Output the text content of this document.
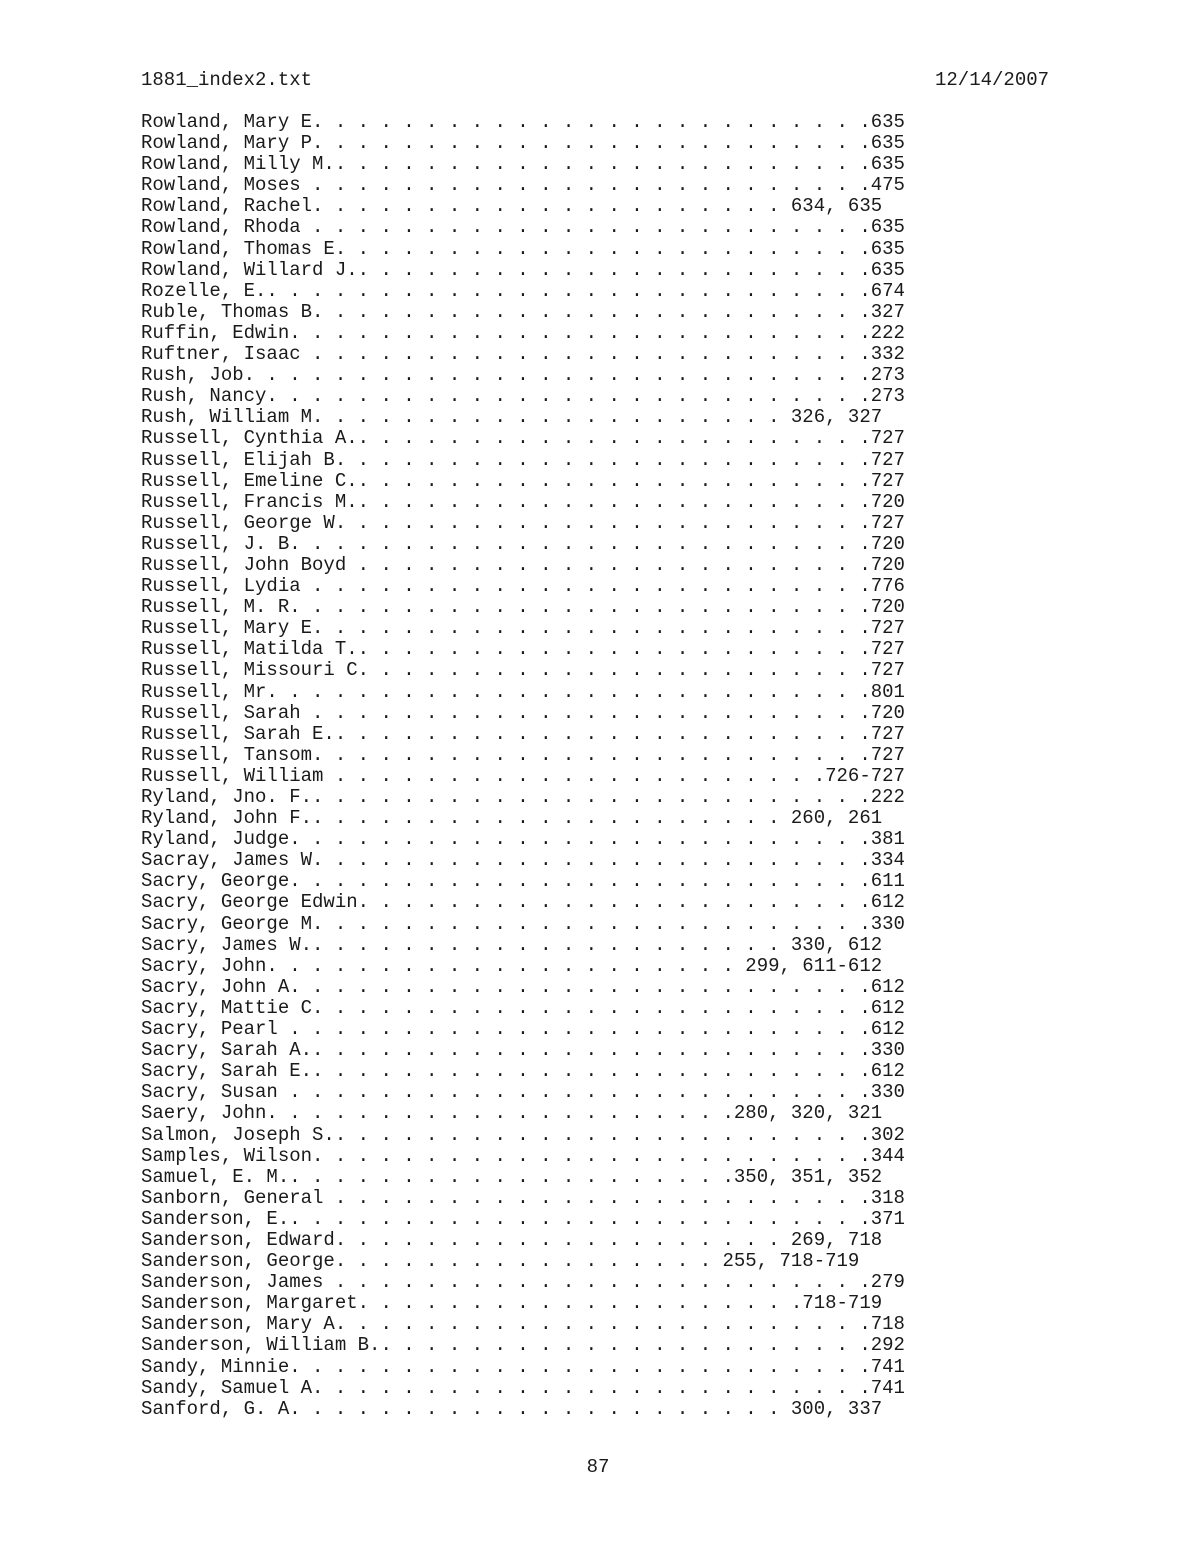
1881_index2.txt	12/14/2007
Rowland, Mary E. . . . . . . . . . . . . . . . . . . . . . . . .635
Rowland, Mary P. . . . . . . . . . . . . . . . . . . . . . . . .635
Rowland, Milly M.. . . . . . . . . . . . . . . . . . . . . . . .635
Rowland, Moses . . . . . . . . . . . . . . . . . . . . . . . . .475
Rowland, Rachel. . . . . . . . . . . . . . . . . . . . . 634, 635
Rowland, Rhoda . . . . . . . . . . . . . . . . . . . . . . . . .635
Rowland, Thomas E. . . . . . . . . . . . . . . . . . . . . . . .635
Rowland, Willard J.. . . . . . . . . . . . . . . . . . . . . . .635
Rozelle, E.. . . . . . . . . . . . . . . . . . . . . . . . . . .674
Ruble, Thomas B. . . . . . . . . . . . . . . . . . . . . . . . .327
Ruffin, Edwin. . . . . . . . . . . . . . . . . . . . . . . . . .222
Ruftner, Isaac . . . . . . . . . . . . . . . . . . . . . . . . .332
Rush, Job. . . . . . . . . . . . . . . . . . . . . . . . . . . .273
Rush, Nancy. . . . . . . . . . . . . . . . . . . . . . . . . . .273
Rush, William M. . . . . . . . . . . . . . . . . . . . . 326, 327
Russell, Cynthia A.. . . . . . . . . . . . . . . . . . . . . . .727
Russell, Elijah B. . . . . . . . . . . . . . . . . . . . . . . .727
Russell, Emeline C.. . . . . . . . . . . . . . . . . . . . . . .727
Russell, Francis M.. . . . . . . . . . . . . . . . . . . . . . .720
Russell, George W. . . . . . . . . . . . . . . . . . . . . . . .727
Russell, J. B. . . . . . . . . . . . . . . . . . . . . . . . . .720
Russell, John Boyd . . . . . . . . . . . . . . . . . . . . . . .720
Russell, Lydia . . . . . . . . . . . . . . . . . . . . . . . . .776
Russell, M. R. . . . . . . . . . . . . . . . . . . . . . . . . .720
Russell, Mary E. . . . . . . . . . . . . . . . . . . . . . . . .727
Russell, Matilda T.. . . . . . . . . . . . . . . . . . . . . . .727
Russell, Missouri C. . . . . . . . . . . . . . . . . . . . . . .727
Russell, Mr. . . . . . . . . . . . . . . . . . . . . . . . . . .801
Russell, Sarah . . . . . . . . . . . . . . . . . . . . . . . . .720
Russell, Sarah E.. . . . . . . . . . . . . . . . . . . . . . . .727
Russell, Tansom. . . . . . . . . . . . . . . . . . . . . . . . .727
Russell, William . . . . . . . . . . . . . . . . . . . . . .726-727
Ryland, Jno. F.. . . . . . . . . . . . . . . . . . . . . . . . .222
Ryland, John F.. . . . . . . . . . . . . . . . . . . . . 260, 261
Ryland, Judge. . . . . . . . . . . . . . . . . . . . . . . . . .381
Sacray, James W. . . . . . . . . . . . . . . . . . . . . . . . .334
Sacry, George. . . . . . . . . . . . . . . . . . . . . . . . . .611
Sacry, George Edwin. . . . . . . . . . . . . . . . . . . . . . .612
Sacry, George M. . . . . . . . . . . . . . . . . . . . . . . . .330
Sacry, James W.. . . . . . . . . . . . . . . . . . . . . 330, 612
Sacry, John. . . . . . . . . . . . . . . . . . . . . 299, 611-612
Sacry, John A. . . . . . . . . . . . . . . . . . . . . . . . . .612
Sacry, Mattie C. . . . . . . . . . . . . . . . . . . . . . . . .612
Sacry, Pearl . . . . . . . . . . . . . . . . . . . . . . . . . .612
Sacry, Sarah A.. . . . . . . . . . . . . . . . . . . . . . . . .330
Sacry, Sarah E.. . . . . . . . . . . . . . . . . . . . . . . . .612
Sacry, Susan . . . . . . . . . . . . . . . . . . . . . . . . . .330
Saery, John. . . . . . . . . . . . . . . . . . . . .280, 320, 321
Salmon, Joseph S.. . . . . . . . . . . . . . . . . . . . . . . .302
Samples, Wilson. . . . . . . . . . . . . . . . . . . . . . . . .344
Samuel, E. M.. . . . . . . . . . . . . . . . . . . .350, 351, 352
Sanborn, General . . . . . . . . . . . . . . . . . . . . . . . .318
Sanderson, E.. . . . . . . . . . . . . . . . . . . . . . . . . .371
Sanderson, Edward. . . . . . . . . . . . . . . . . . . . 269, 718
Sanderson, George. . . . . . . . . . . . . . . . . 255, 718-719
Sanderson, James . . . . . . . . . . . . . . . . . . . . . . . .279
Sanderson, Margaret. . . . . . . . . . . . . . . . . . . .718-719
Sanderson, Mary A. . . . . . . . . . . . . . . . . . . . . . . .718
Sanderson, William B.. . . . . . . . . . . . . . . . . . . . . .292
Sandy, Minnie. . . . . . . . . . . . . . . . . . . . . . . . . .741
Sandy, Samuel A. . . . . . . . . . . . . . . . . . . . . . . . .741
Sanford, G. A. . . . . . . . . . . . . . . . . . . . . . 300, 337
87
